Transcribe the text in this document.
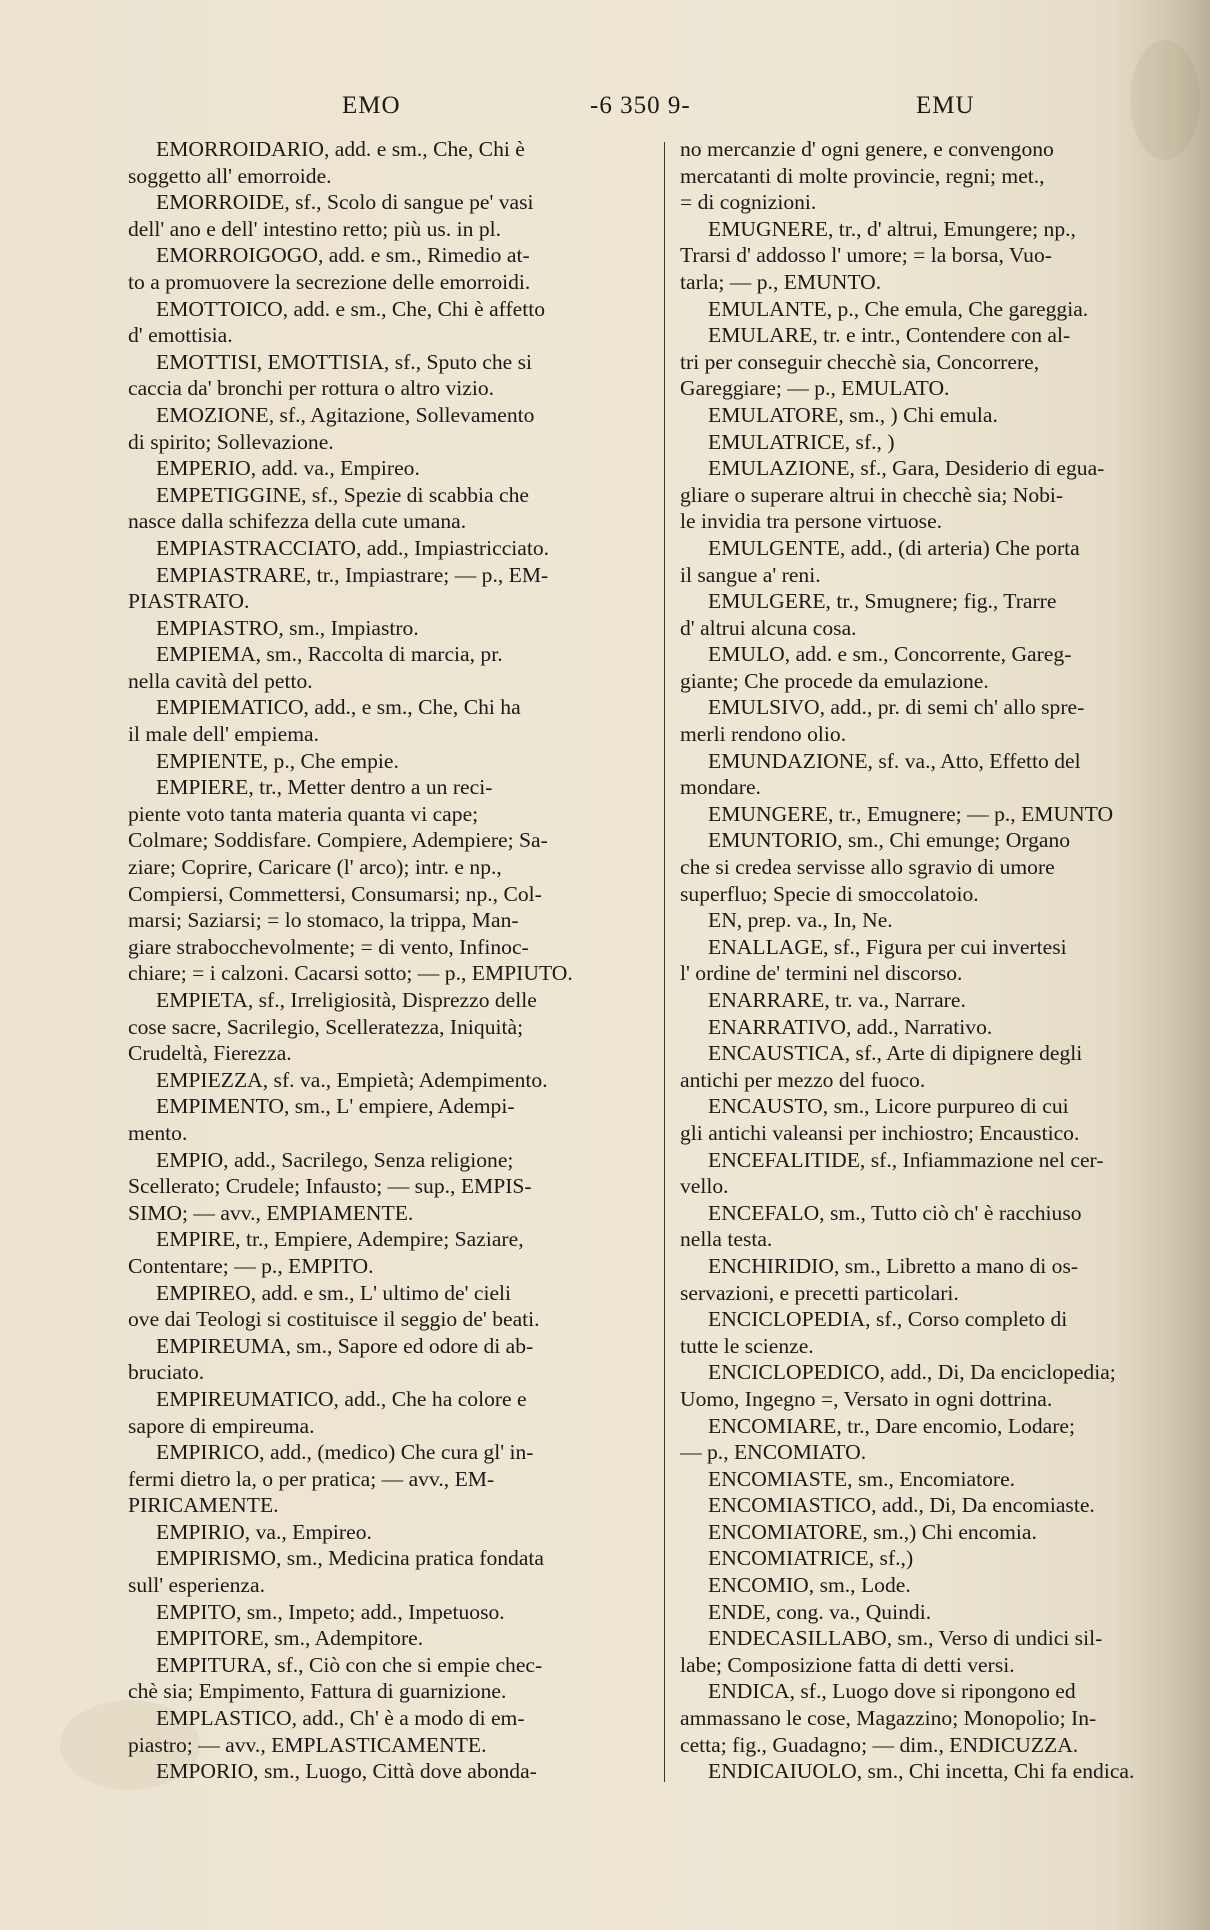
EMO	-6 350 9-	EMU
EMORROIDARIO, add. e sm., Che, Chi è
soggetto all' emorroide.
EMORROIDE, sf., Scolo di sangue pe' vasi
dell' ano e dell' intestino retto; più us. in pl.
EMORROIGOGO, add. e sm., Rimedio at-
to a promuovere la secrezione delle emorroidi.
EMOTTOICO, add. e sm., Che, Chi è affetto
d' emottisia.
EMOTTISI, EMOTTISIA, sf., Sputo che si
caccia da' bronchi per rottura o altro vizio.
EMOZIONE, sf., Agitazione, Sollevamento
di spirito; Sollevazione.
EMPERIO, add. va., Empireo.
EMPETIGGINE, sf., Spezie di scabbia che
nasce dalla schifezza della cute umana.
EMPIASTRACCIATO, add., Impiastricciato.
EMPIASTRARE, tr., Impiastrare; — p., EM-
PIASTRATO.
EMPIASTRO, sm., Impiastro.
EMPIEMA, sm., Raccolta di marcia, pr.
nella cavità del petto.
EMPIEMATICO, add., e sm., Che, Chi ha
il male dell' empiema.
EMPIENTE, p., Che empie.
EMPIERE, tr., Metter dentro a un reci-
piente voto tanta materia quanta vi cape;
Colmare; Soddisfare. Compiere, Adempiere; Sa-
ziare; Coprire, Caricare (l' arco); intr. e np.,
Compiersi, Commettersi, Consumarsi; np., Col-
marsi; Saziarsi; = lo stomaco, la trippa, Man-
giare strabocchevolmente; = di vento, Infinoc-
chiare; = i calzoni. Cacarsi sotto; — p., EMPIUTO.
EMPIETA, sf., Irreligiosità, Disprezzo delle
cose sacre, Sacrilegio, Scelleratezza, Iniquità;
Crudeltà, Fierezza.
EMPIEZZA, sf. va., Empietà; Adempimento.
EMPIMENTO, sm., L' empiere, Adempi-
mento.
EMPIO, add., Sacrilego, Senza religione;
Scellerato; Crudele; Infausto; — sup., EMPIS-
SIMO; — avv., EMPIAMENTE.
EMPIRE, tr., Empiere, Adempire; Saziare,
Contentare; — p., EMPITO.
EMPIREO, add. e sm., L' ultimo de' cieli
ove dai Teologi si costituisce il seggio de' beati.
EMPIREUMA, sm., Sapore ed odore di ab-
bruciato.
EMPIREUMATICO, add., Che ha colore e
sapore di empireuma.
EMPIRICO, add., (medico) Che cura gl' in-
fermi dietro la, o per pratica; — avv., EM-
PIRICAMENTE.
EMPIRIO, va., Empireo.
EMPIRISMO, sm., Medicina pratica fondata
sull' esperienza.
EMPITO, sm., Impeto; add., Impetuoso.
EMPITORE, sm., Adempitore.
EMPITURA, sf., Ciò con che si empie chec-
chè sia; Empimento, Fattura di guarnizione.
EMPLASTICO, add., Ch' è a modo di em-
piastro; — avv., EMPLASTICAMENTE.
EMPORIO, sm., Luogo, Città dove abonda-
no mercanzie d' ogni genere, e convengono
mercatanti di molte provincie, regni; met.,
= di cognizioni.
EMUGNERE, tr., d' altrui, Emungere; np.,
Trarsi d' addosso l' umore; = la borsa, Vuo-
tarla; — p., EMUNTO.
EMULANTE, p., Che emula, Che gareggia.
EMULARE, tr. e intr., Contendere con al-
tri per conseguir checchè sia, Concorrere,
Gareggiare; — p., EMULATO.
EMULATORE, sm., ) Chi emula.
EMULATRICE, sf., )
EMULAZIONE, sf., Gara, Desiderio di egua-
gliare o superare altrui in checchè sia; Nobi-
le invidia tra persone virtuose.
EMULGENTE, add., (di arteria) Che porta
il sangue a' reni.
EMULGERE, tr., Smugnere; fig., Trarre
d' altrui alcuna cosa.
EMULO, add. e sm., Concorrente, Gareg-
giante; Che procede da emulazione.
EMULSIVO, add., pr. di semi ch' allo spre-
merli rendono olio.
EMUNDAZIONE, sf. va., Atto, Effetto del
mondare.
EMUNGERE, tr., Emugnere; — p., EMUNTO
EMUNTORIO, sm., Chi emunge; Organo
che si credea servisse allo sgravio di umore
superfluo; Specie di smoccolatoio.
EN, prep. va., In, Ne.
ENALLAGE, sf., Figura per cui invertesi
l' ordine de' termini nel discorso.
ENARRARE, tr. va., Narrare.
ENARRATIVO, add., Narrativo.
ENCAUSTICA, sf., Arte di dipignere degli
antichi per mezzo del fuoco.
ENCAUSTO, sm., Licore purpureo di cui
gli antichi valeansi per inchiostro; Encaustico.
ENCEFALITIDE, sf., Infiammazione nel cer-
vello.
ENCEFALO, sm., Tutto ciò ch' è racchiuso
nella testa.
ENCHIRIDIO, sm., Libretto a mano di os-
servazioni, e precetti particolari.
ENCICLOPEDIA, sf., Corso completo di
tutte le scienze.
ENCICLOPEDICO, add., Di, Da enciclopedia;
Uomo, Ingegno =, Versato in ogni dottrina.
ENCOMIARE, tr., Dare encomio, Lodare;
— p., ENCOMIATO.
ENCOMIASTE, sm., Encomiatore.
ENCOMIASTICO, add., Di, Da encomiaste.
ENCOMIATORE, sm.,) Chi encomia.
ENCOMIATRICE, sf.,)
ENCOMIO, sm., Lode.
ENDE, cong. va., Quindi.
ENDECASILLABO, sm., Verso di undici sil-
labe; Composizione fatta di detti versi.
ENDICA, sf., Luogo dove si ripongono ed
ammassano le cose, Magazzino; Monopolio; In-
cetta; fig., Guadagno; — dim., ENDICUZZA.
ENDICAIUOLO, sm., Chi incetta, Chi fa endica.
